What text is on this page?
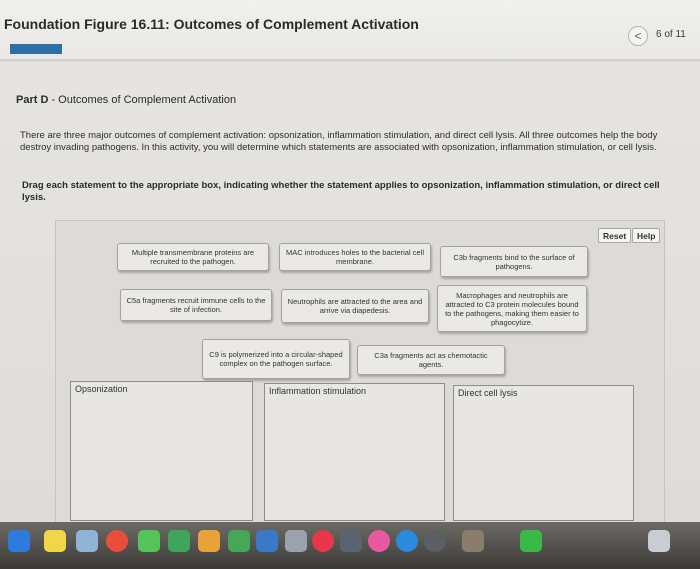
Foundation Figure 16.11: Outcomes of Complement Activation
< 6 of 11
Part D - Outcomes of Complement Activation
There are three major outcomes of complement activation: opsonization, inflammation stimulation, and direct cell lysis. All three outcomes help the body destroy invading pathogens. In this activity, you will determine which statements are associated with opsonization, inflammation stimulation, or cell lysis.
Drag each statement to the appropriate box, indicating whether the statement applies to opsonization, inflammation stimulation, or direct cell lysis.
Reset	Help
Multiple transmembrane proteins are recruited to the pathogen.
MAC introduces holes to the bacterial cell membrane.	C3b fragments bind to the surface of pathogens.
C5a fragments recruit immune cells to the site of infection.
Neutrophils are attracted to the area and arrive via diapedesis.
Macrophages and neutrophils are attracted to C3 protein molecules bound to the pathogens, making them easier to phagocytize.
C9 is polymerized into a circular-shaped complex on the pathogen surface.
C3a fragments act as chemotactic agents.
Opsonization	Inflammation stimulation	Direct cell lysis
